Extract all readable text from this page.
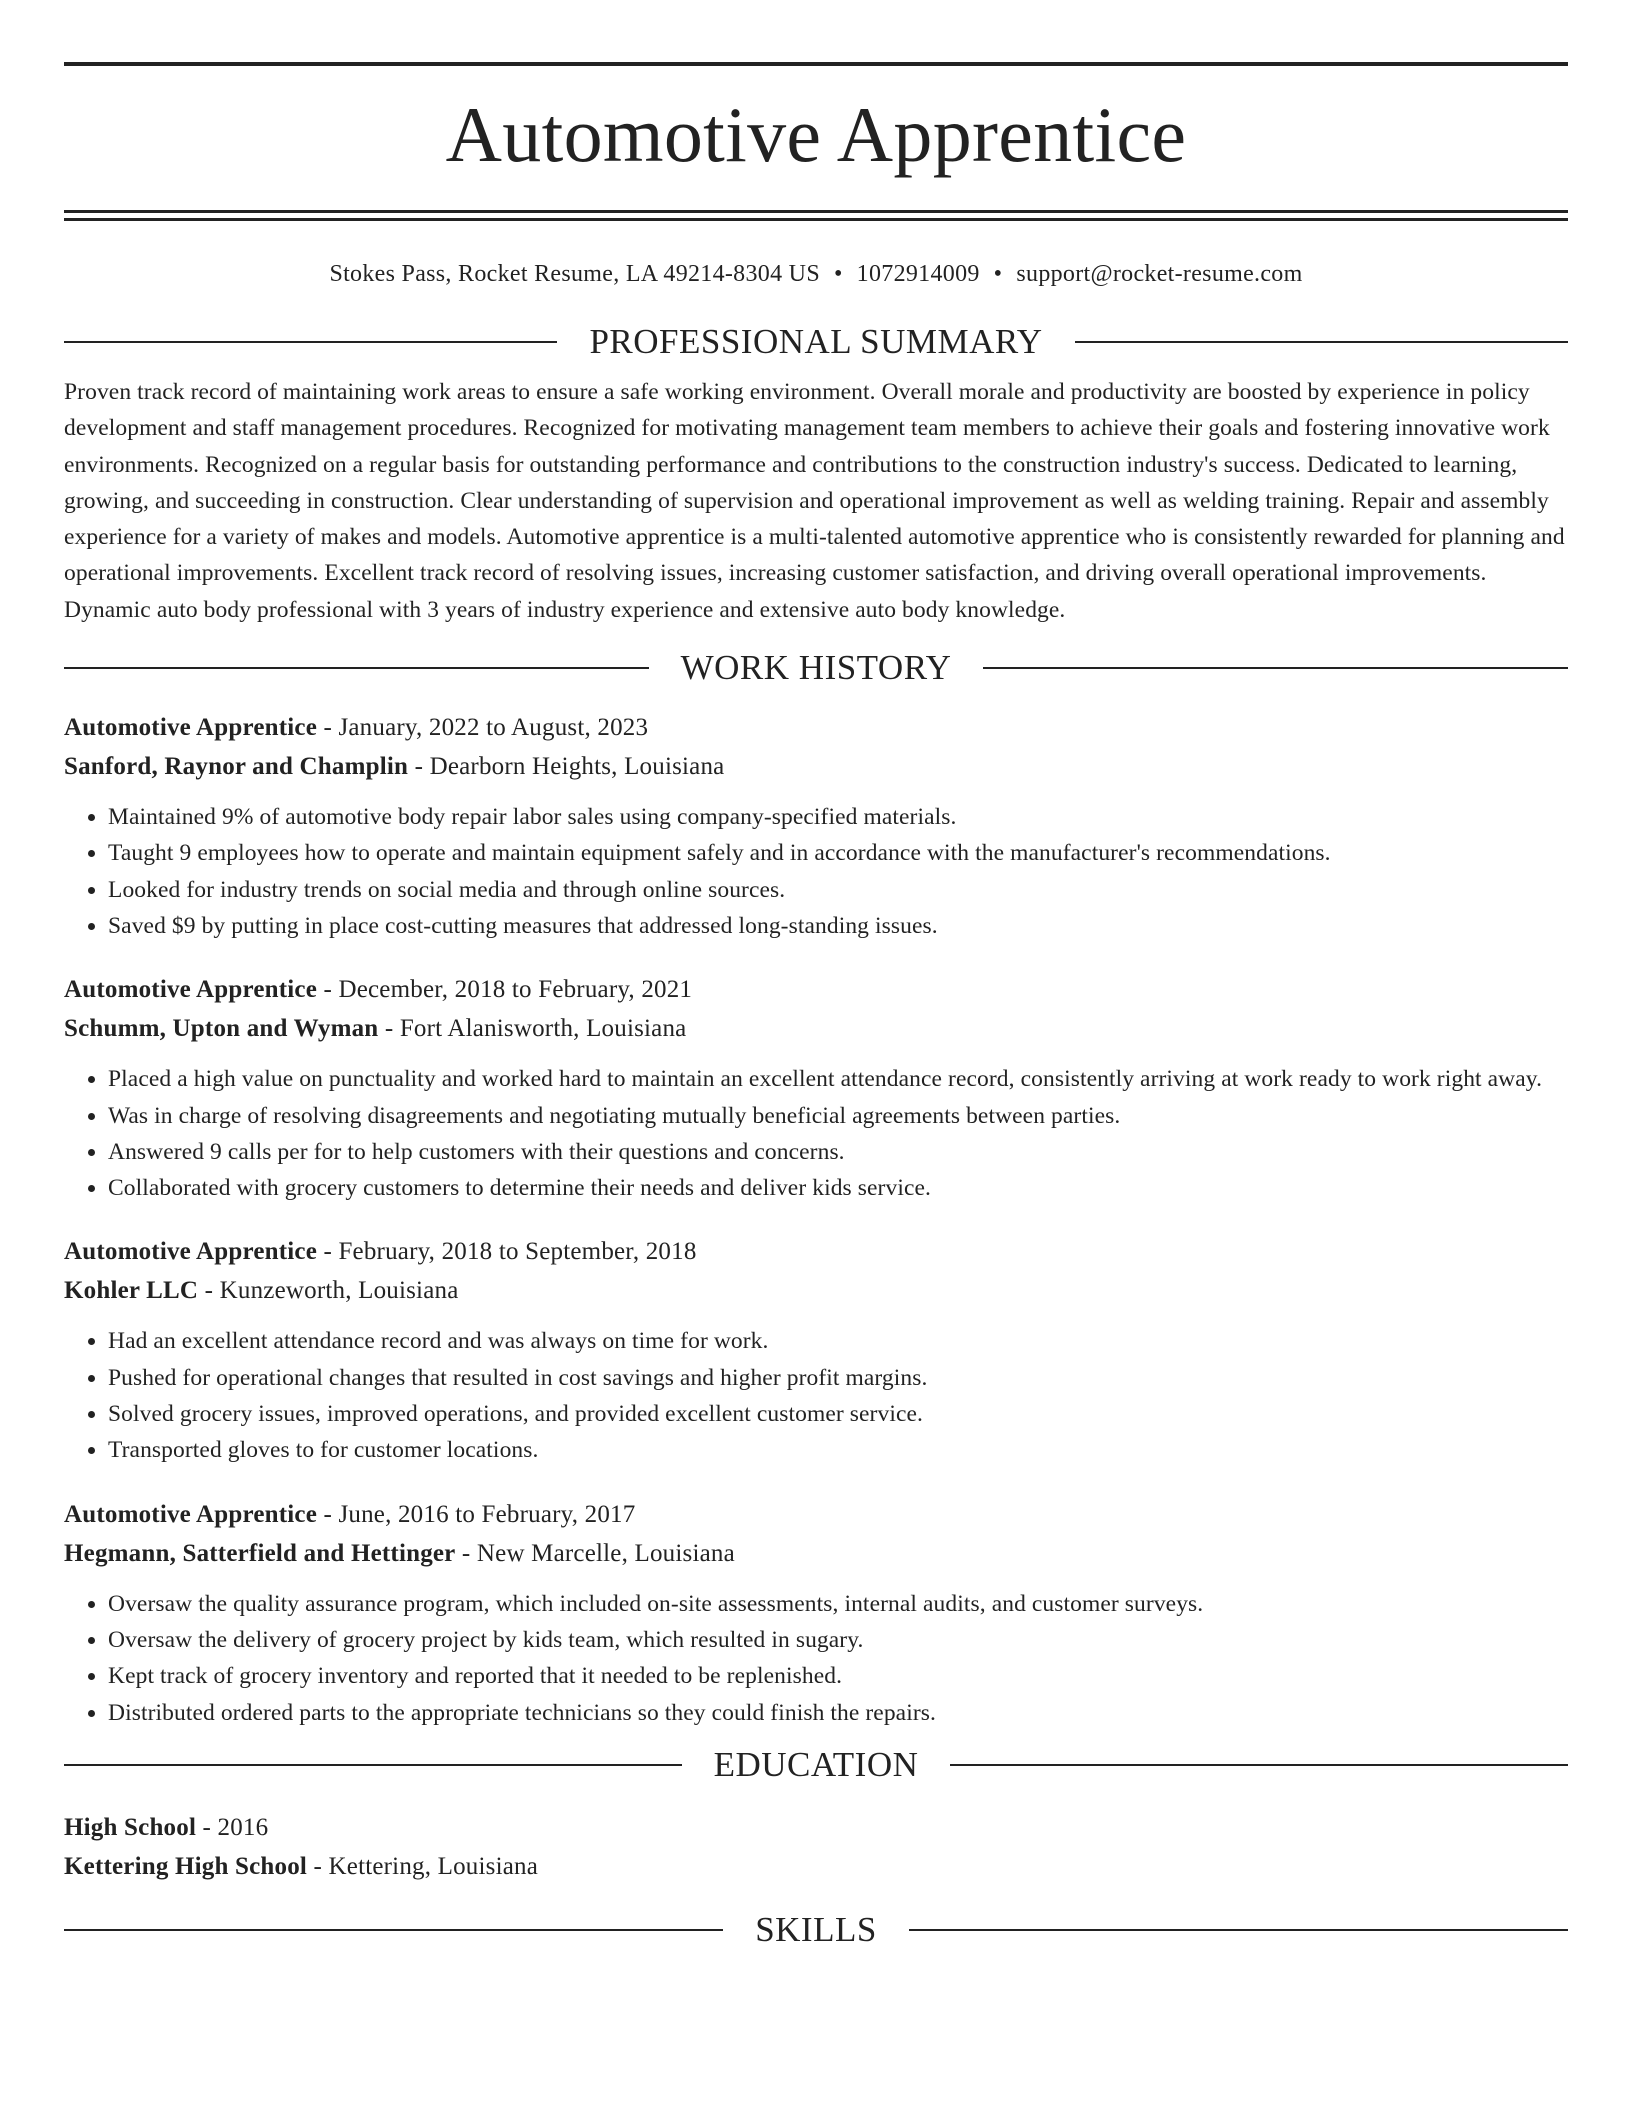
Automotive Apprentice
Stokes Pass, Rocket Resume, LA 49214-8304 US • 1072914009 • support@rocket-resume.com
PROFESSIONAL SUMMARY

Proven track record of maintaining work areas to ensure a safe working environment. Overall morale and productivity are boosted by experience in policy development and staff management procedures. Recognized for motivating management team members to achieve their goals and fostering innovative work environments. Recognized on a regular basis for outstanding performance and contributions to the construction industry's success. Dedicated to learning, growing, and succeeding in construction. Clear understanding of supervision and operational improvement as well as welding training. Repair and assembly experience for a variety of makes and models. Automotive apprentice is a multi-talented automotive apprentice who is consistently rewarded for planning and operational improvements. Excellent track record of resolving issues, increasing customer satisfaction, and driving overall operational improvements. Dynamic auto body professional with 3 years of industry experience and extensive auto body knowledge.

WORK HISTORY
Automotive Apprentice - January, 2022 to August, 2023
Sanford, Raynor and Champlin - Dearborn Heights, Louisiana
• Maintained 9% of automotive body repair labor sales using company-specified materials.
• Taught 9 employees how to operate and maintain equipment safely and in accordance with the manufacturer's recommendations.
• Looked for industry trends on social media and through online sources.
• Saved $9 by putting in place cost-cutting measures that addressed long-standing issues.
Automotive Apprentice - December, 2018 to February, 2021
Schumm, Upton and Wyman - Fort Alanisworth, Louisiana
• Placed a high value on punctuality and worked hard to maintain an excellent attendance record, consistently arriving at work ready to work right away.
• Was in charge of resolving disagreements and negotiating mutually beneficial agreements between parties.
• Answered 9 calls per for to help customers with their questions and concerns.
• Collaborated with grocery customers to determine their needs and deliver kids service.
Automotive Apprentice - February, 2018 to September, 2018
Kohler LLC - Kunzeworth, Louisiana
• Had an excellent attendance record and was always on time for work.
• Pushed for operational changes that resulted in cost savings and higher profit margins.
• Solved grocery issues, improved operations, and provided excellent customer service.
• Transported gloves to for customer locations.
Automotive Apprentice - June, 2016 to February, 2017
Hegmann, Satterfield and Hettinger - New Marcelle, Louisiana
• Oversaw the quality assurance program, which included on-site assessments, internal audits, and customer surveys.
• Oversaw the delivery of grocery project by kids team, which resulted in sugary.
• Kept track of grocery inventory and reported that it needed to be replenished.
• Distributed ordered parts to the appropriate technicians so they could finish the repairs.
EDUCATION
High School - 2016
Kettering High School - Kettering, Louisiana
SKILLS
